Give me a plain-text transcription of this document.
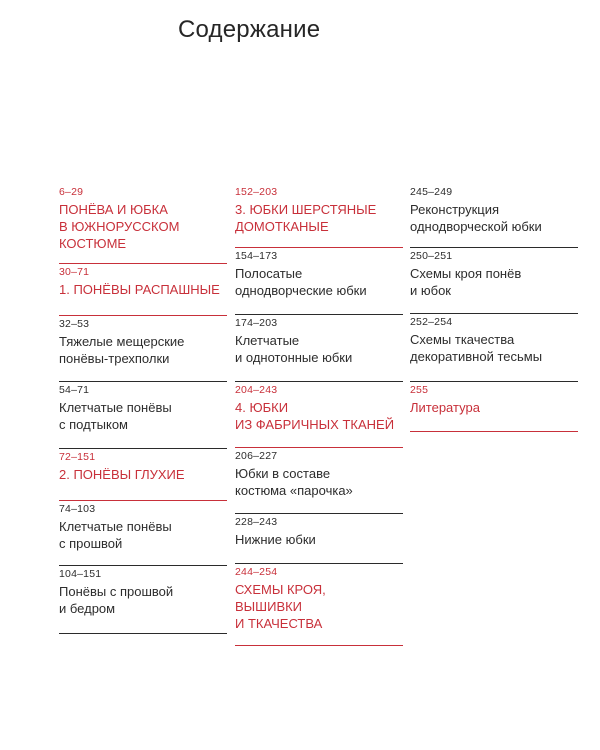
Содержание
6–29
ПОНЁВА И ЮБКА
В ЮЖНОРУССКОМ
КОСТЮМЕ
30–71
1. ПОНЁВЫ РАСПАШНЫЕ
32–53
Тяжелые мещерские
понёвы-трехполки
54–71
Клетчатые понёвы
с подтыком
72–151
2. ПОНЁВЫ ГЛУХИЕ
74–103
Клетчатые понёвы
с прошвой
104–151
Понёвы с прошвой
и бедром
152–203
3. ЮБКИ ШЕРСТЯНЫЕ
ДОМОТКАНЫЕ
154–173
Полосатые
однодворческие юбки
174–203
Клетчатые
и однотонные юбки
204–243
4. ЮБКИ
ИЗ ФАБРИЧНЫХ ТКАНЕЙ
206–227
Юбки в составе
костюма «парочка»
228–243
Нижние юбки
244–254
СХЕМЫ КРОЯ,
ВЫШИВКИ
И ТКАЧЕСТВА
245–249
Реконструкция
однодворческой юбки
250–251
Схемы кроя понёв
и юбок
252–254
Схемы ткачества
декоративной тесьмы
255
Литература
